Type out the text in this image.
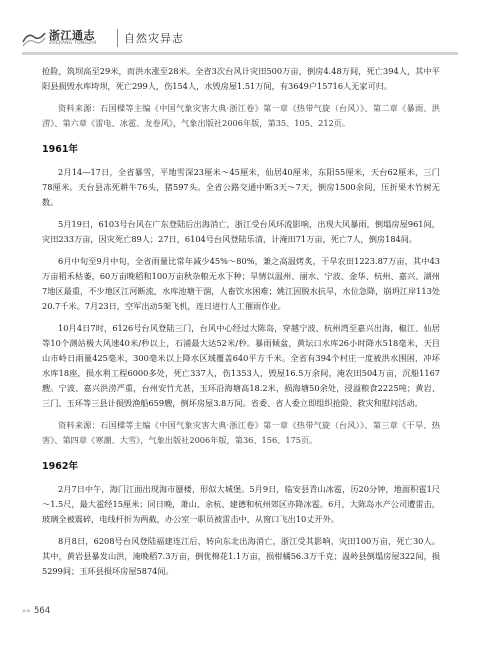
浙江通志
ZHEJIANG TONGZHI	自然灾异志

抢险，筑坝高至29米，而洪水涨至28米。全省3次台风计灾田500万亩，倒房4.48万间，死亡394人，其中平阳县损毁水库垮坝，死亡299人，伤154人，水毁房屋1.51万间，有3649户15716人无家可归。

资料来源：石国樑等主编《中国气象灾害大典·浙江卷》第一章《热带气旋（台风）》、第二章《暴雨、洪涝》、第六章《雷电、冰雹、龙卷风》，气象出版社2006年版，第35、105、212页。

1961年

2月14—17日，全省暴雪，平地雪深23厘米～45厘米，仙居40厘米，东阳55厘米，天台62厘米，三门78厘米。天台县冻死耕牛76头，猪597头。全省公路交通中断3天～7天，倒房1500余间，压折果木竹树无数。

5月19日，6103号台风在广东登陆后出海消亡，浙江受台风环流影响，出现大风暴雨，倒塌房屋961间，灾田233万亩，因灾死亡89人；27日，6104号台风登陆乐清，计淹田71万亩，死亡7人，倒房184间。

6月中旬至9月中旬，全省雨量比常年减少45%～80%，兼之高温烤炙，干旱农田1223.87万亩，其中43万亩稻禾枯萎，60万亩晚稻和100万亩秋杂粮无水下种；旱情以温州、丽水、宁波、金华、杭州、嘉兴、湖州7地区最重，不少地区江河断流，水库池塘干涸，人畜饮水困难；姚江因脱水抗旱，水位急降，崩坍江岸113处20.7千米。7月23日，空军出动5架飞机，连日进行人工催雨作业。

10月4日7时，6126号台风登陆三门，台风中心经过大陈岛，穿越宁波，杭州湾至嘉兴出海，椒江、仙居等10个测站极大风速40米/秒以上，石浦最大达52米/秒。暴雨倾盆，黄坛口水库26小时降水518毫米，天目山市岭日雨量425毫米，300毫米以上降水区域覆盖640平方千米。全省有394个村庄一度被洪水围困，冲坏水库18座，损水利工程6000多处，死亡337人，伤1353人，毁屋16.5万余间，淹农田504万亩，沉船1167艘。宁波、嘉兴洪涝严重，台州安竹尤甚，玉环沿海塘高18.2米，损海塘50余处，浸溢粮食2225吨；黄岩、三门、玉环等三县计损毁渔船659艘，倒坏房屋3.8万间。省委、省人委立即组织抢险、救灾和慰问活动。

资料来源：石国樑等主编《中国气象灾害大典·浙江卷》第一章《热带气旋（台风）》、第三章《干旱、热害》、第四章《寒潮、大雪》，气象出版社2006年版，第36、156、175页。

1962年

2月7日中午，海门江面出现海市蜃楼，形似大城堡。5月9日，临安县青山冰雹，历20分钟，地面积雹1尺～1.5尺，最大雹经15厘米；同日晚，萧山、余杭、建德和杭州郊区亦降冰雹。6月，大陈岛水产公司遭雷击，玻璃全被震碎，电线杆折为两截，办公室一职员被雷击中，从窗口飞出10丈开外。

8月8日，6208号台风登陆福建连江后，转向东北出海消亡，浙江受其影响，灾田100万亩，死亡30人。其中，黄岩县暴发山洪，淹晚稻7.3万亩，倒优棉花1.1万亩，损柑橘56.3万千克；温岭县倒塌房屋322间，损5299间；玉环县损坏房屋5874间。

»» 564
